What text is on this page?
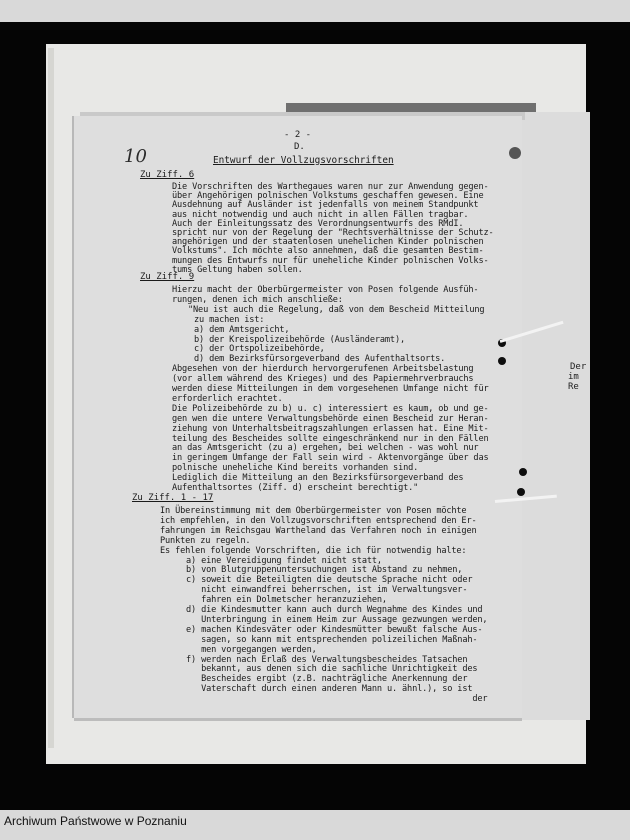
Der
im Re
- 2 -
D.
10	Entwurf der Vollzugsvorschriften
Zu Ziff. 6
Die Vorschriften des Warthegaues waren nur zur Anwendung gegen-
über Angehörigen polnischen Volkstums geschaffen gewesen. Eine
Ausdehnung auf Ausländer ist jedenfalls von meinem Standpunkt
aus nicht notwendig und auch nicht in allen Fällen tragbar.
Auch der Einleitungssatz des Verordnungsentwurfs des RMdI.
spricht nur von der Regelung der "Rechtsverhältnisse der Schutz-
angehörigen und der staatenlosen unehelichen Kinder polnischen
Volkstums". Ich möchte also annehmen, daß die gesamten Bestim-
mungen des Entwurfs nur für uneheliche Kinder polnischen Volks-
tums Geltung haben sollen.
Zu Ziff. 9
Hierzu macht der Oberbürgermeister von Posen folgende Ausfüh-
rungen, denen ich mich anschließe:
"Neu ist auch die Regelung, daß von dem Bescheid Mitteilung
zu machen ist:
a) dem Amtsgericht,
b) der Kreispolizeibehörde (Ausländeramt),
c) der Ortspolizeibehörde,
d) dem Bezirksfürsorgeverband des Aufenthaltsorts.
Abgesehen von der hierdurch hervorgerufenen Arbeitsbelastung
(vor allem während des Krieges) und des Papiermehrverbrauchs
werden diese Mitteilungen in dem vorgesehenen Umfange nicht für
erforderlich erachtet.
Die Polizeibehörde zu b) u. c) interessiert es kaum, ob und ge-
gen wen die untere Verwaltungsbehörde einen Bescheid zur Heran-
ziehung von Unterhaltsbeitragszahlungen erlassen hat. Eine Mit-
teilung des Bescheides sollte eingeschränkend nur in den Fällen
an das Amtsgericht (zu a) ergehen, bei welchen - was wohl nur
in geringem Umfange der Fall sein wird - Aktenvorgänge über das
polnische uneheliche Kind bereits vorhanden sind.
Lediglich die Mitteilung an den Bezirksfürsorgeverband des
Aufenthaltsortes (Ziff. d) erscheint berechtigt."
Zu Ziff. 1 - 17
In Übereinstimmung mit dem Oberbürgermeister von Posen möchte
ich empfehlen, in den Vollzugsvorschriften entsprechend den Er-
fahrungen im Reichsgau Wartheland das Verfahren noch in einigen
Punkten zu regeln.
Es fehlen folgende Vorschriften, die ich für notwendig halte:
a) eine Vereidigung findet nicht statt,
b) von Blutgruppenuntersuchungen ist Abstand zu nehmen,
c) soweit die Beteiligten die deutsche Sprache nicht oder
nicht einwandfrei beherrschen, ist im Verwaltungsver-
fahren ein Dolmetscher heranzuziehen,
d) die Kindesmutter kann auch durch Wegnahme des Kindes und
Unterbringung in einem Heim zur Aussage gezwungen werden,
e) machen Kindesväter oder Kindesmütter bewußt falsche Aus-
sagen, so kann mit entsprechenden polizeilichen Maßnah-
men vorgegangen werden,
f) werden nach Erlaß des Verwaltungsbescheides Tatsachen
bekannt, aus denen sich die sachliche Unrichtigkeit des
Bescheides ergibt (z.B. nachträgliche Anerkennung der
Vaterschaft durch einen anderen Mann u. ähnl.), so ist
der
Archiwum Państwowe w Poznaniu
